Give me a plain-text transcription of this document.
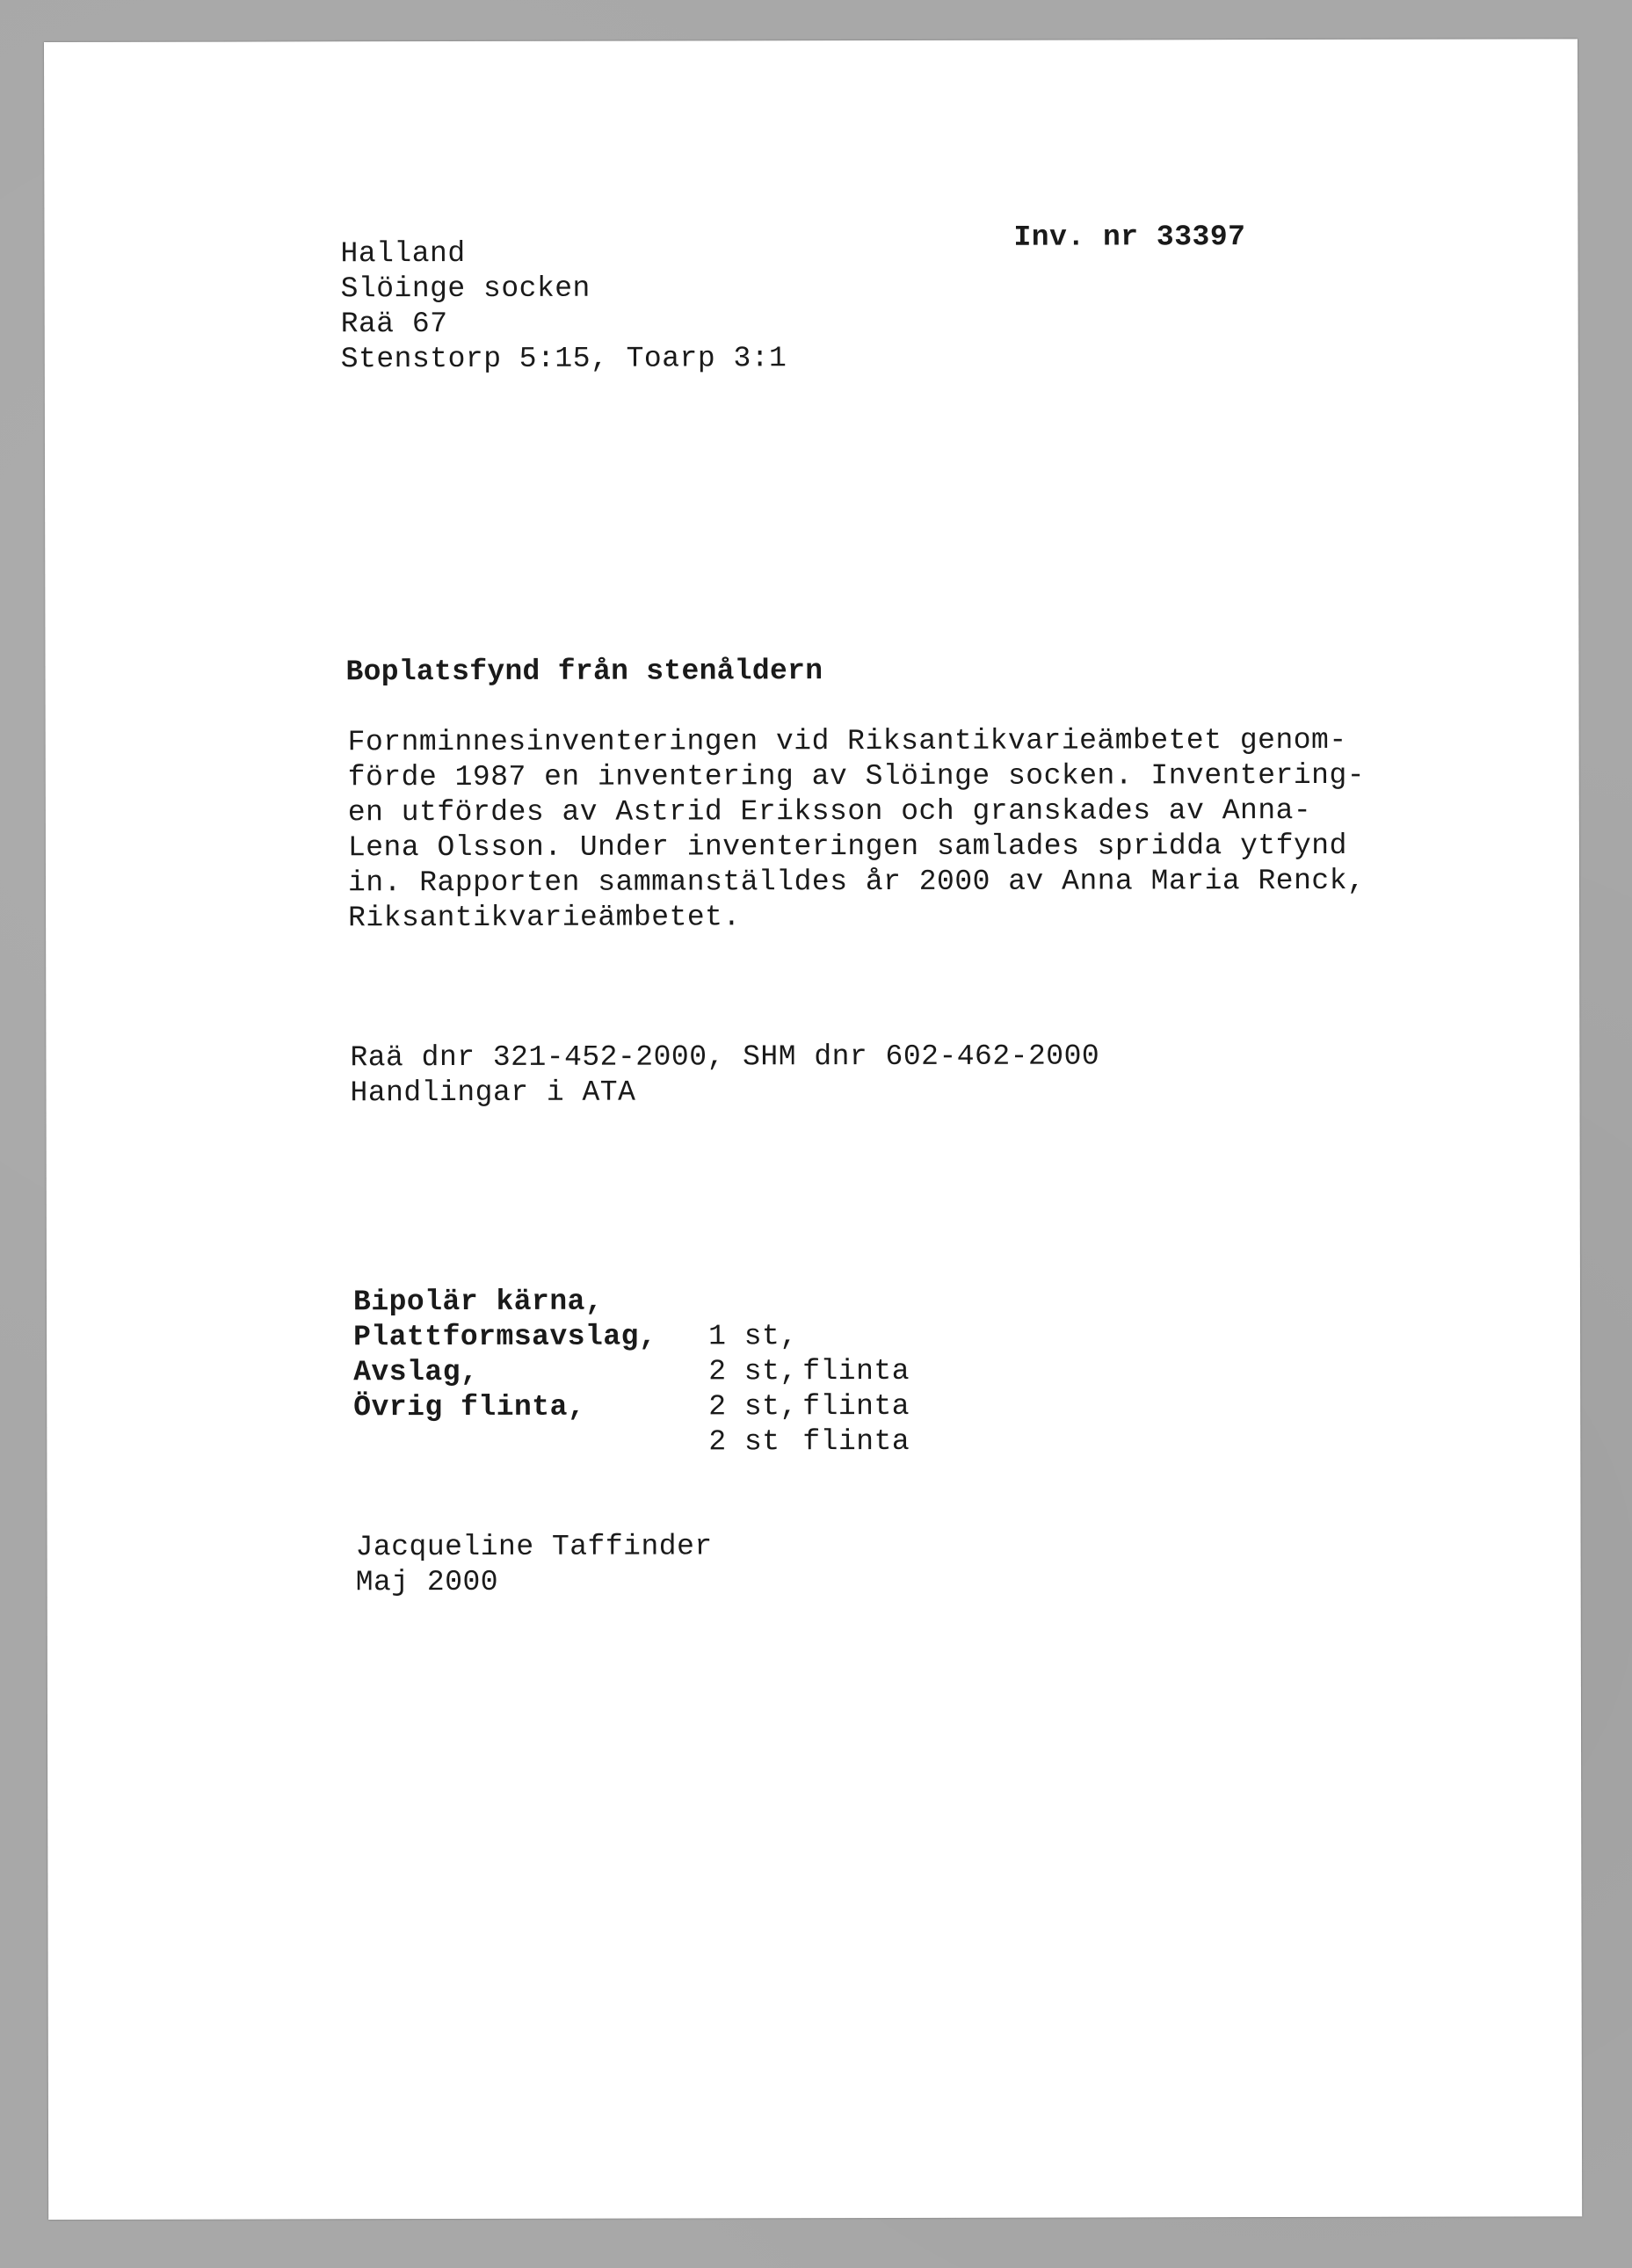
Halland
Slöinge socken
Raä 67
Stenstorp 5:15, Toarp 3:1
Inv. nr 33397
Boplatsfynd från stenåldern
Fornminnesinventeringen vid Riksantikvarieämbetet genom-
förde 1987 en inventering av Slöinge socken. Inventering-
en utfördes av Astrid Eriksson och granskades av Anna-
Lena Olsson. Under inventeringen samlades spridda ytfynd
in. Rapporten sammanställdes år 2000 av Anna Maria Renck,
Riksantikvarieämbetet.
Raä dnr 321-452-2000, SHM dnr 602-462-2000
Handlingar i ATA

Bipolär kärna,

1 st,

flinta

Plattformsavslag,

2 st,

flinta

Avslag,

2 st,

flinta

Övrig flinta,

2 st

Jacqueline Taffinder
Maj 2000
